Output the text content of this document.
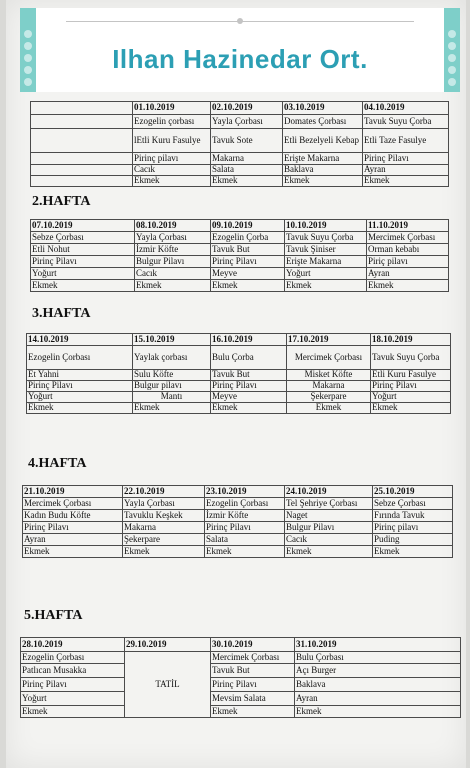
Ilhan Hazinedar Ort.
	01.10.2019	02.10.2019	03.10.2019	04.10.2019
	Ezogelin çorbası	Yayla Çorbası	Domates Çorbası	Tavuk Suyu Çorba
	lEtli Kuru Fasulye	Tavuk Sote	Etli Bezelyeli Kebap	Etli Taze Fasulye
	Pirinç pilavı	Makarna	Erişte Makarna	Pirinç Pilavı
	Cacık	Salata	Baklava	Ayran
	Ekmek	Ekmek	Ekmek	Ekmek
2.HAFTA
07.10.2019	08.10.2019	09.10.2019	10.10.2019	11.10.2019
Sebze Çorbası	Yayla Çorbası	Ezogelin Çorba	Tavuk Suyu Çorba	Mercimek Çorbası
Etli Nohut	İzmir Köfte	Tavuk But	Tavuk Şiniser	Orman kebabı
Pirinç Pilavı	Bulgur Pilavı	Pirinç Pilavı	Erişte Makarna	Piriç pilavı
Yoğurt	Cacık	Meyve	Yoğurt	Ayran
Ekmek	Ekmek	Ekmek	Ekmek	Ekmek
3.HAFTA
14.10.2019	15.10.2019	16.10.2019	17.10.2019	18.10.2019
Ezogelin Çorbası	Yaylak çorbası	Bulu Çorba	Mercimek Çorbası	Tavuk Suyu Çorba
Et Yahni	Sulu Köfte	Tavuk But	Misket Köfte	Etli Kuru Fasulye
Pirinç Pilavı	Bulgur pilavı	Pirinç Pilavı	Makarna	Pirinç Pilavı
Yoğurt	Mantı	Meyve	Şekerpare	Yoğurt
Ekmek	Ekmek	Ekmek	Ekmek	Ekmek
4.HAFTA
21.10.2019	22.10.2019	23.10.2019	24.10.2019	25.10.2019
Mercimek Çorbası	Yayla Çorbası	Ezogelin Çorbası	Tel Şehriye Çorbası	Sebze Çorbası
Kadın Budu Köfte	Tavuklu Keşkek	İzmir Köfte	Naget	Fırında Tavuk
Pirinç Pilavı	Makarna	Pirinç Pilavı	Bulgur Pilavı	Pirinç pilavı
Ayran	Şekerpare	Salata	Cacık	Puding
Ekmek	Ekmek	Ekmek	Ekmek	Ekmek
5.HAFTA
28.10.2019	29.10.2019	30.10.2019	31.10.2019
Ezogelin Çorbası	TATİL	Mercimek Çorbası	Bulu Çorbası
Patlıcan Musakka		Tavuk But	Açı Burger
Pirinç Pilavı		Pirinç Pilavı	Baklava
Yoğurt		Mevsim Salata	Ayran
Ekmek		Ekmek	Ekmek
